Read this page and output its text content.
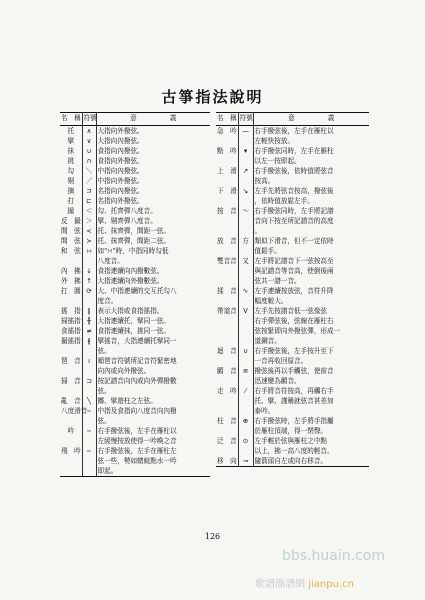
古箏指法說明
名　稱	符號	意　　　　　義
托	∧	大指向外撥弦。

擘	∨	大指向內撥弦。

抹	∪	食指向內撥弦。

挑	∩	食指向外撥弦。

勾	＼	中指向內撥弦。

剔	／	中指向外撥弦。

摘	コ	名指向內撥弦。

打	⊏	名指向外撥弦。

撮	＜	勾、托齊彈八度音。

反　撮	＞	擘、剔齊彈八度音。

間　弦	≺	托、抹齊彈，間距一弦。

間　弦	≻	托、抹齊彈，間距二弦。

和　弦	∺	如"∺"時，中指同時勾低
八度音。

內　拂	↓	食指連續向內撥數弦。

外　拂	↑	大指連續向外撥數弦。

打　圓	⟳	大、中指連續的交互托勾八
度音。

搖　指	∥	表示大指或食指搖指。

掃搖指	╫	大指連續托，擘同一弦。

食搖指	≠	食指連續抹，挑同一弦。

撮搖指	∦	擘搖音，大指連續托擘同一
弦。

琶　音	≀	順琶音符號所記音符緊密地
向內或向外撥弦。

掃　音	⊐	按記譜音向內或向外彈撥數
弦。

亂　音	╲	擲、擘遊柱之左弦。

八度滑音	∼	中指及食指向八度音向內撥
弦。

吟	∼	右手撥弦後，左手在雁柱以
左緩慢按放使得一吟喚之音

飛　吟	∽	右手撥弦後，左手在雁柱左
弦一些，勢如蜻蜓點水一吟
即起。
名　稱	符號	意　　　　　義
急　吟	—	右手撥弦後，左手在雁柱以
左輕快按放。

點　吟	▾	右手撥弦同時，左手在雁柱
以左一按即起。

上　滑	↗	右手撥弦後，依時值將弦音
按高。

下　滑	↘	左手先將弦音按高，撥弦後
，依時值放鬆左手。

按　音	〜	右手撥弦同時，左手將記譜
音向下按至所記譜音的高度
。

放　音	方	類似下滑音，但不一定依時
值鬆手。

雙音音	又	左手將記譜音下一弦按高至
與記譜音等音高，使倒後兩
弦共一譜一音。

揉　音	∿	左手連續按放弦，音符升降
幅度較大。

帶道音	Ⅴ	左手先按譜音低一弦像弦
右手彈弦後，弦線在雁柱右
弦按緊即向外撥弦彈，形成一
道鋼音。

迴　音	∪	右手撥弦後，左手按升至下
一音再收回原音。

顫　音	≋	撥弦後再以手觸弦，使前音
迅速變為顫音。

走　吟	⁄	右手將音符按高，再觸右手
托、擘、謹稱就弦音甚差加
泰吟。

柱　音	⊕	右手撥弦時，左手將手指屬
於雁柱頂端，得一閉聲。

泛　音	⊙	左手輕於弦與雁柱之中點
以上，拂一高八度的輕音。

移　向	⊸	隨箭頭自左或向右移音。
126
bbs.huain.com
歌譜簡譜網 jianpu.cn
